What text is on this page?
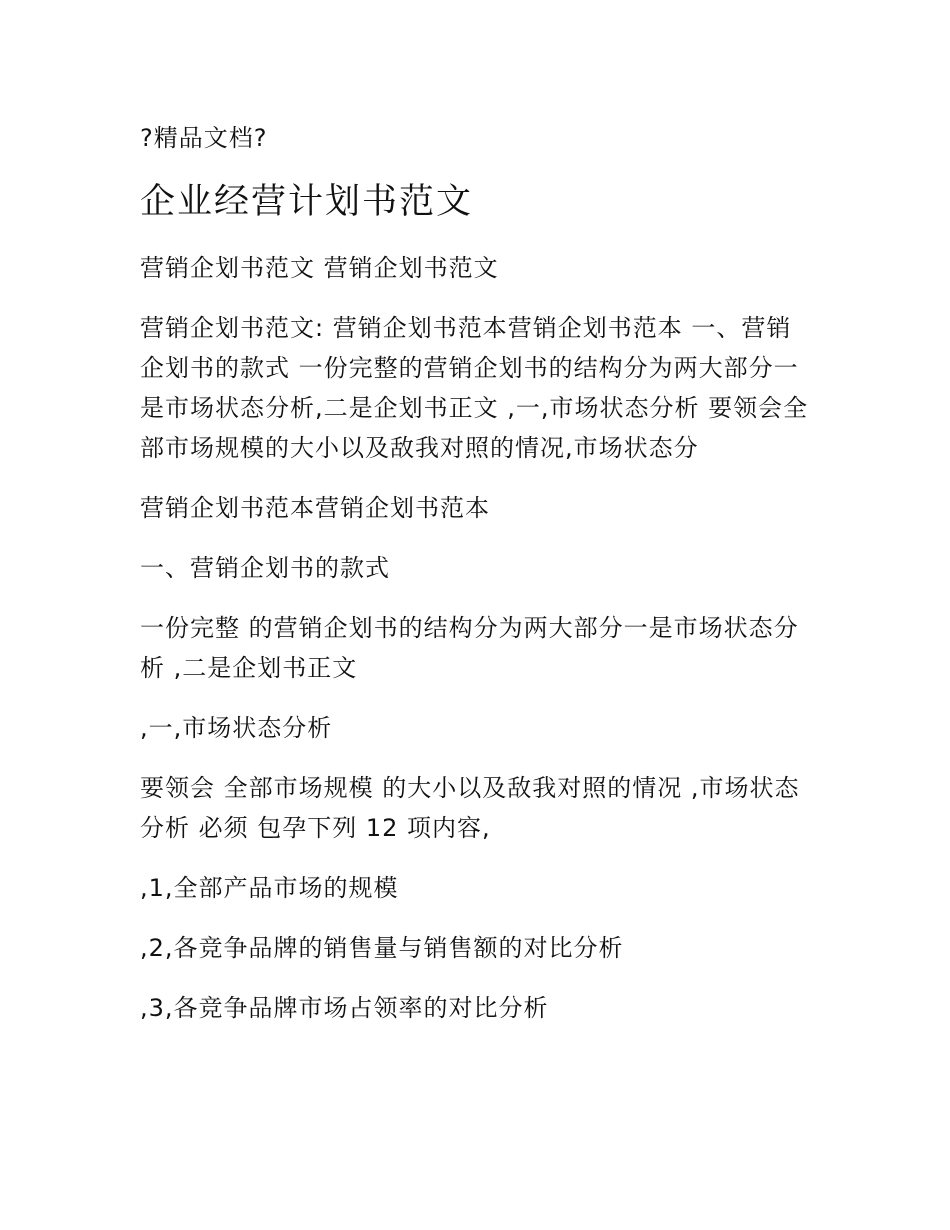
?精品文档?
企业经营计划书范文

营销企划书范文 营销企划书范文

营销企划书范文: 营销企划书范本营销企划书范本 一、营销企划书的款式 一份完整的营销企划书的结构分为两大部分一是市场状态分析,二是企划书正文 ,一,市场状态分析 要领会全部市场规模的大小以及敌我对照的情况,市场状态分

营销企划书范本营销企划书范本

一、营销企划书的款式

一份完整 的营销企划书的结构分为两大部分一是市场状态分析 ,二是企划书正文

,一,市场状态分析

要领会 全部市场规模 的大小以及敌我对照的情况 ,市场状态分析 必须 包孕下列 12 项内容,

,1,全部产品市场的规模

,2,各竞争品牌的销售量与销售额的对比分析

,3,各竞争品牌市场占领率的对比分析
